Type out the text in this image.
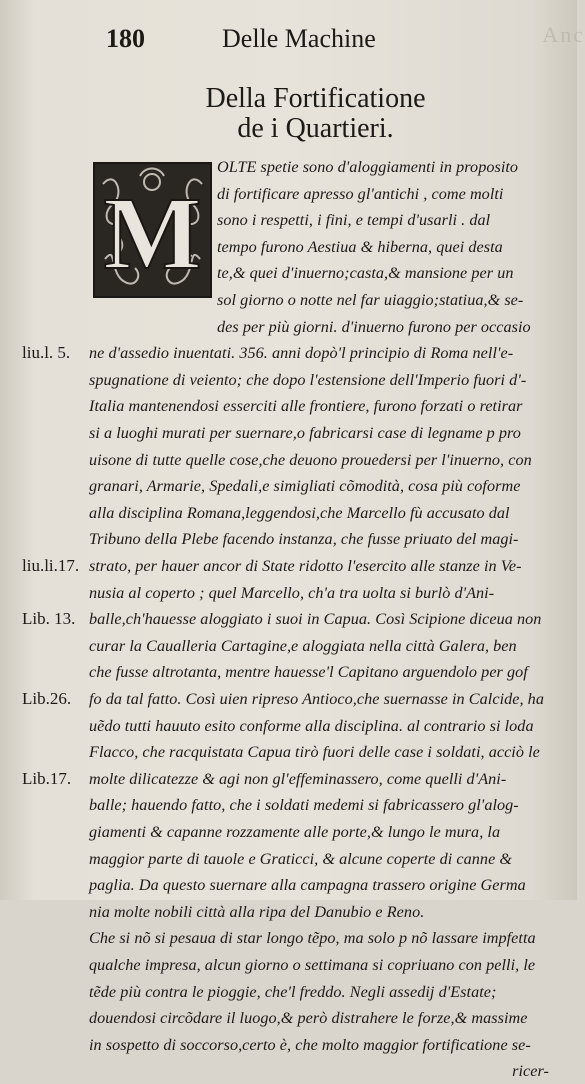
Anc
180	Delle Machine
Della Fortificatione
de i Quartieri.
M
OLTE spetie sono d'aloggiamenti in proposito
di fortificare apresso gl'antichi , come molti
sono i respetti, i fini, e tempi d'usarli . dal
tempo furono Aestiua & hiberna, quei desta
te,& quei d'inuerno;casta,& mansione per un
sol giorno o notte nel far uiaggio;statiua,& se-
des per più giorni. d'inuerno furono per occasio
ne d'assedio inuentati. 356. anni dopò'l principio di Roma nell'e-
spugnatione di veiento; che dopo l'estensione dell'Imperio fuori d'-
Italia mantenendosi esserciti alle frontiere, furono forzati o retirar
si a luoghi murati per suernare,o fabricarsi case di legname p pro
uisone di tutte quelle cose,che deuono prouedersi per l'inuerno, con
granari, Armarie, Spedali,e simigliati cõmodità, cosa più coforme
alla disciplina Romana,leggendosi,che Marcello fù accusato dal
Tribuno della Plebe facendo instanza, che fusse priuato del magi-
strato, per hauer ancor di State ridotto l'esercito alle stanze in Ve-
nusia al coperto ; quel Marcello, ch'a tra uolta si burlò d'Ani-
balle,ch'hauesse aloggiato i suoi in Capua. Così Scipione diceua non
curar la Caualleria Cartagine,e aloggiata nella città Galera, ben
che fusse altrotanta, mentre hauesse'l Capitano arguendolo per gof
fo da tal fatto. Così uien ripreso Antioco,che suernasse in Calcide, ha
uẽdo tutti hauuto esito conforme alla disciplina. al contrario si loda
Flacco, che racquistata Capua tirò fuori delle case i soldati, acciò le
molte dilicatezze & agi non gl'effeminassero, come quelli d'Ani-
balle; hauendo fatto, che i soldati medemi si fabricassero gl'alog-
giamenti & capanne rozzamente alle porte,& lungo le mura, la
maggior parte di tauole e Graticci, & alcune coperte di canne &
paglia. Da questo suernare alla campagna trassero origine Germa
nia molte nobili città alla ripa del Danubio e Reno.
Che si nõ si pesaua di star longo tẽpo, ma solo p nõ lassare impfetta
qualche impresa, alcun giorno o settimana si copriuano con pelli, le
tẽde più contra le pioggie, che'l freddo. Negli assedij d'Estate;
douendosi circõdare il luogo,& però distrahere le forze,& massime
in sospetto di soccorso,certo è, che molto maggior fortificatione se-
ricer-
liu.l. 5.
liu.li.17.
Lib. 13.
Lib.26.
Lib.17.
